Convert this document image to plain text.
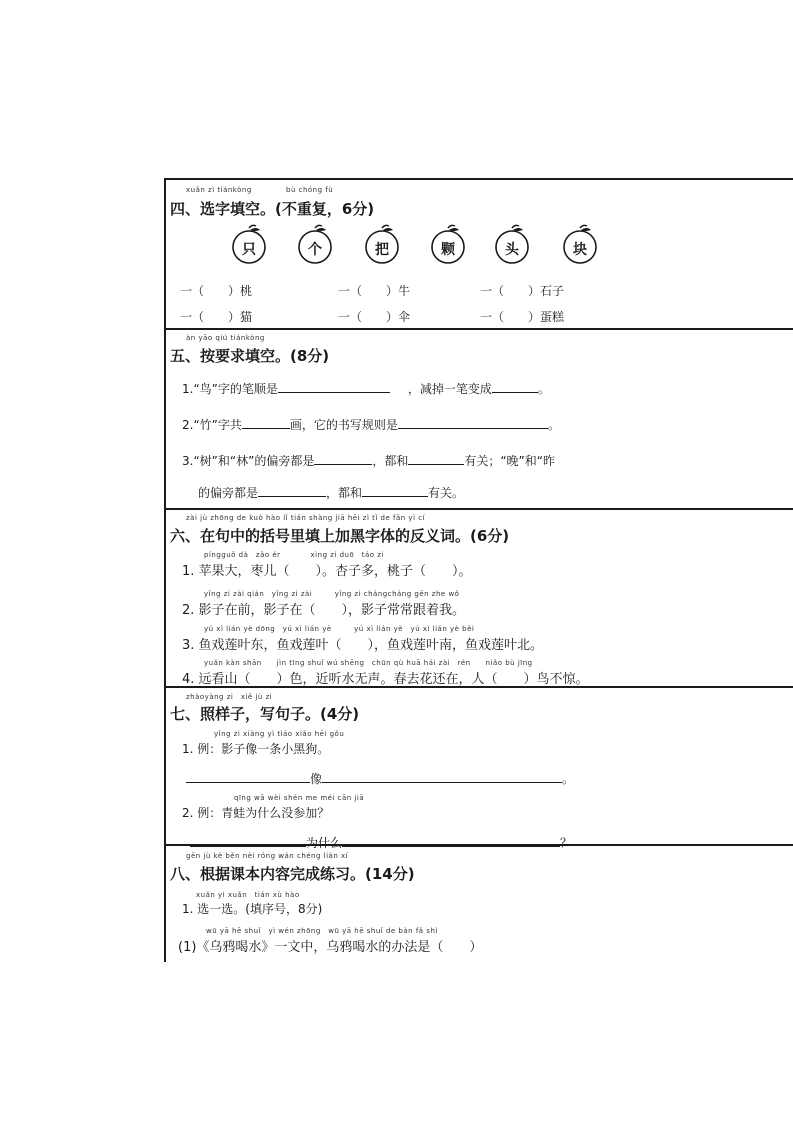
xuǎn zì tiánkòng	bù chóng fù
四、选字填空。(不重复，6分)
只	个	把	颗	头	块
一（　　）桃	一（　　）牛	一（　　）石子
一（　　）猫	一（　　）伞	一（　　）蛋糕
àn yāo qiú tiánkòng
五、按要求填空。(8分)
1.“鸟”字的笔顺是	，减掉一笔变成	。
2.“竹”字共	画，它的书写规则是	。
3.“树”和“林”的偏旁都是	，都和	有关；“晚”和“昨
的偏旁都是	，都和	有关。
zài jù zhōng de kuò hào lǐ tián shàng jiā hēi zì tǐ de fǎn yì cí
六、在句中的括号里填上加黑字体的反义词。(6分)
píngguǒ dà　zǎo ér　　　　xìng zi duō　táo zi
1. 苹果大，枣儿（　　）。杏子多，桃子（　　）。
yǐng zi zài qián　yǐng zi zài　　　yǐng zi chángcháng gēn zhe wǒ
2. 影子在前，影子在（　　），影子常常跟着我。
yú xì lián yè dōng　yú xì lián yè　　　yú xì lián yè　yú xì lián yè běi
3. 鱼戏莲叶东，鱼戏莲叶（　　），鱼戏莲叶南，鱼戏莲叶北。
yuǎn kàn shān　　jìn tīng shuǐ wú shēng　chūn qù huā hái zài　rén　　niǎo bù jīng
4. 远看山（　　）色，近听水无声。春去花还在，人（　　）鸟不惊。
zhàoyàng zi　xiě jù zi
七、照样子，写句子。(4分)
yǐng zi xiàng yì tiáo xiǎo hēi gǒu
1. 例：影子像一条小黑狗。
像	。
qīng wā wèi shén me méi cān jiā
2. 例：青蛙为什么没参加？
为什么	？
gēn jù kè běn nèi róng wán chéng liàn xí
八、根据课本内容完成练习。(14分)
xuǎn yi xuǎn　tián xù hào
1. 选一选。(填序号，8分)
wū yā hē shuǐ　yì wén zhōng　wū yā hē shuǐ de bàn fǎ shì
(1)《乌鸦喝水》一文中，乌鸦喝水的办法是（　　）
